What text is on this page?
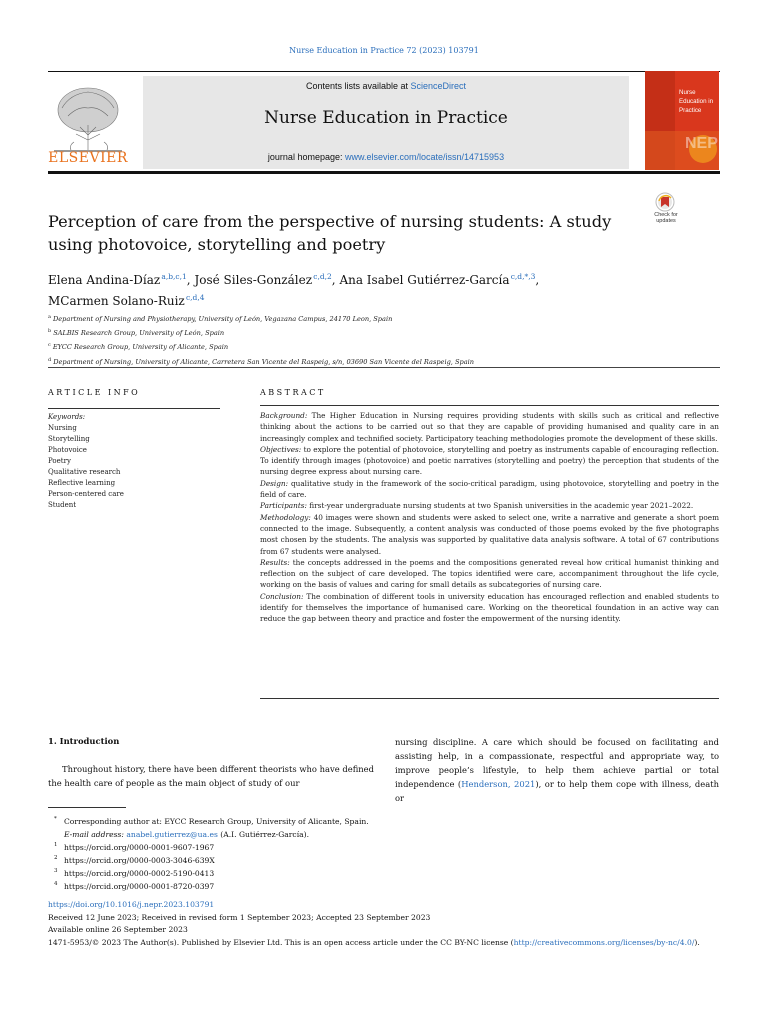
Nurse Education in Practice 72 (2023) 103791
ELSEVIER
Contents lists available at ScienceDirect
Nurse Education in Practice
journal homepage: www.elsevier.com/locate/issn/14715953
Nurse
Education in
Practice
NEP
Perception of care from the perspective of nursing students: A study using photovoice, storytelling and poetry
Check for updates
Elena Andina-Díaz $^{a,b,c,1}$, José Siles-González $^{c,d,2}$, Ana Isabel Gutiérrez-García $^{c,d,*,3}$,
MCarmen Solano-Ruiz $^{c,d,4}$
$^a$ Department of Nursing and Physiotherapy, University of León, Vegazana Campus, 24170 Leon, Spain
$^b$ SALBIS Research Group, University of León, Spain
$^c$ EYCC Research Group, University of Alicante, Spain
$^d$ Department of Nursing, University of Alicante, Carretera San Vicente del Raspeig, s/n, 03690 San Vicente del Raspeig, Spain
ARTICLE INFO
Keywords:
Nursing
Storytelling
Photovoice
Poetry
Qualitative research
Reflective learning
Person-centered care
Student
ABSTRACT

Background: The Higher Education in Nursing requires providing students with skills such as critical and reflective thinking about the actions to be carried out so that they are capable of providing humanised and quality care in an increasingly complex and technified society. Participatory teaching methodologies promote the development of these skills.

Objectives: to explore the potential of photovoice, storytelling and poetry as instruments capable of encouraging reflection. To identify through images (photovoice) and poetic narratives (storytelling and poetry) the perception that students of the nursing degree express about nursing care.

Design: qualitative study in the framework of the socio-critical paradigm, using photovoice, storytelling and poetry in the field of care.

Participants: first-year undergraduate nursing students at two Spanish universities in the academic year 2021–2022.

Methodology: 40 images were shown and students were asked to select one, write a narrative and generate a short poem connected to the image. Subsequently, a content analysis was conducted of those poems evoked by the five photographs most chosen by the students. The analysis was supported by qualitative data analysis software. A total of 67 contributions from 67 students were analysed.

Results: the concepts addressed in the poems and the compositions generated reveal how critical humanist thinking and reflection on the subject of care developed. The topics identified were care, accompaniment throughout the life cycle, working on the basis of values and caring for small details as subcategories of nursing care.

Conclusion: The combination of different tools in university education has encouraged reflection and enabled students to identify for themselves the importance of humanised care. Working on the theoretical foundation in an active way can reduce the gap between theory and practice and foster the empowerment of the nursing identity.

1. Introduction
Throughout history, there have been different theorists who have defined the health care of people as the main object of study of our
nursing discipline. A care which should be focused on facilitating and assisting help, in a compassionate, respectful and appropriate way, to improve people’s lifestyle, to help them achieve partial or total independence (Henderson, 2021), or to help them cope with illness, death or
* Corresponding author at: EYCC Research Group, University of Alicante, Spain.
E-mail address: anabel.gutierrez@ua.es (A.I. Gutiérrez-García).
1 https://orcid.org/0000-0001-9607-1967
2 https://orcid.org/0000-0003-3046-639X
3 https://orcid.org/0000-0002-5190-0413
4 https://orcid.org/0000-0001-8720-0397
https://doi.org/10.1016/j.nepr.2023.103791
Received 12 June 2023; Received in revised form 1 September 2023; Accepted 23 September 2023
Available online 26 September 2023
1471-5953/© 2023 The Author(s). Published by Elsevier Ltd. This is an open access article under the CC BY-NC license (http://creativecommons.org/licenses/by-nc/4.0/).
